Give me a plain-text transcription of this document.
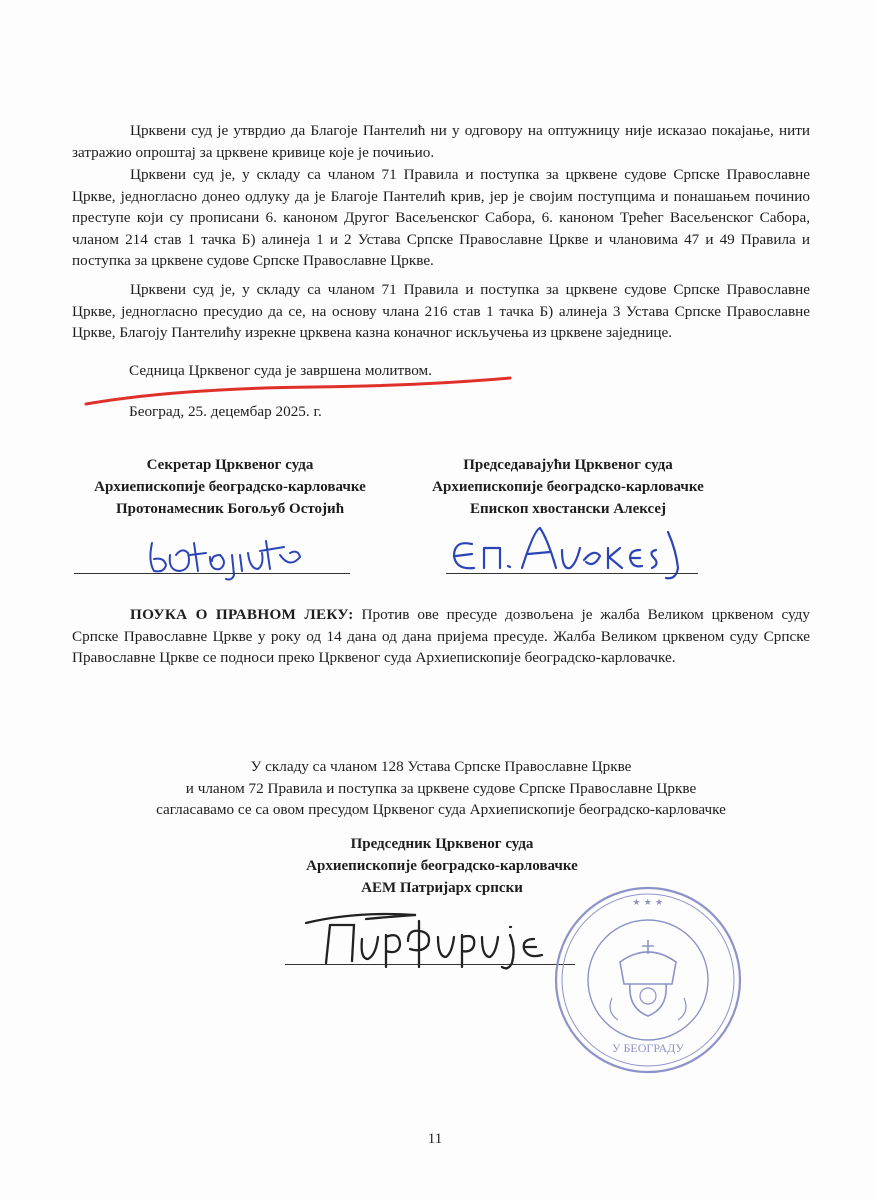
Црквени суд је утврдио да Благоје Пантелић ни у одговору на оптужницу није исказао покајање, нити затражио опроштај за црквене кривице које је почињио.

Црквени суд је, у складу са чланом 71 Правила и поступка за црквене судове Српске Православне Цркве, једногласно донео одлуку да је Благоје Пантелић крив, јер је својим поступцима и понашањем починио преступе који су прописани 6. каноном Другог Васељенског Сабора, 6. каноном Трећег Васељенског Сабора, чланом 214 став 1 тачка Б) алинеја 1 и 2 Устава Српске Православне Цркве и члановима 47 и 49 Правила и поступка за црквене судове Српске Православне Цркве.

Црквени суд је, у складу са чланом 71 Правила и поступка за црквене судове Српске Православне Цркве, једногласно пресудио да се, на основу члана 216 став 1 тачка Б) алинеја 3 Устава Српске Православне Цркве, Благоју Пантелићу изрекне црквена казна коначног искључења из црквене заједнице.

Седница Црквеног суда је завршена молитвом.

Београд, 25. децембар 2025. г.

Секретар Црквеног суда
Архиепископије београдско-карловачке
Протонамесник Богољуб Остојић
Председавајући Црквеног суда
Архиепископије београдско-карловачке
Епископ хвостански Алексеј

ПОУКА О ПРАВНОМ ЛЕКУ: Против ове пресуде дозвољена је жалба Великом црквеном суду Српске Православне Цркве у року од 14 дана од дана пријема пресуде. Жалба Великом црквеном суду Српске Православне Цркве се подноси преко Црквеног суда Архиепископије београдско-карловачке.

У складу са чланом 128 Устава Српске Православне Цркве
и чланом 72 Правила и поступка за црквене судове Српске Православне Цркве
сагласавамо се са овом пресудом Црквеног суда Архиепископије београдско-карловачке
Председник Црквеног суда
Архиепископије београдско-карловачке
АЕМ Патријарх српски
У БЕОГРАДУ
★ ★ ★
11
